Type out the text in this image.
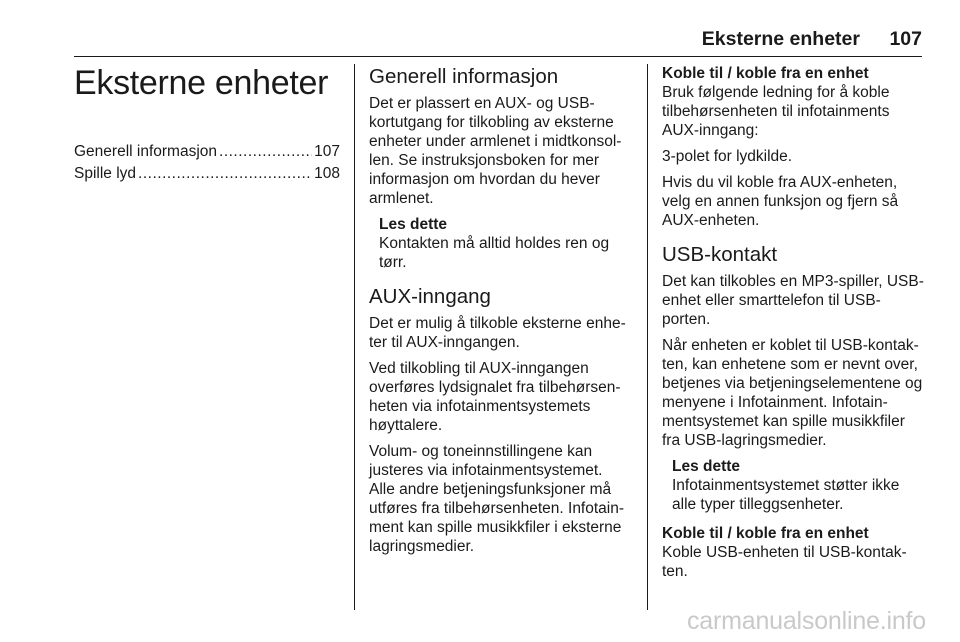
Eksterne enheter 107
Eksterne enheter
Generell informasjon .....	107
Spille lyd .....	108
Generell informasjon

Det er plassert en AUX- og USB-kortutgang for tilkobling av eksterne enheter under armlenet i midtkonsol-len. Se instruksjonsboken for mer informasjon om hvordan du hever armlenet.

Les dette

Kontakten må alltid holdes ren og tørr.

AUX-inngang

Det er mulig å tilkoble eksterne enhe-ter til AUX-inngangen.

Ved tilkobling til AUX-inngangen overføres lydsignalet fra tilbehørsen-heten via infotainmentsystemets høyttalere.

Volum- og toneinnstillingene kan justeres via infotainmentsystemet. Alle andre betjeningsfunksjoner må utføres fra tilbehørsenheten. Infotain-ment kan spille musikkfiler i eksterne lagringsmedier.

Koble til / koble fra en enhet

Bruk følgende ledning for å koble tilbehørsenheten til infotainments AUX-inngang:

3-polet for lydkilde.

Hvis du vil koble fra AUX-enheten, velg en annen funksjon og fjern så AUX-enheten.

USB-kontakt

Det kan tilkobles en MP3-spiller, USB-enhet eller smarttelefon til USB-porten.

Når enheten er koblet til USB-kontak-ten, kan enhetene som er nevnt over, betjenes via betjeningselementene og menyene i Infotainment. Infotain-mentsystemet kan spille musikkfiler fra USB-lagringsmedier.

Les dette

Infotainmentsystemet støtter ikke alle typer tilleggsenheter.

Koble til / koble fra en enhet

Koble USB-enheten til USB-kontak-ten.

carmanualsonline.info
